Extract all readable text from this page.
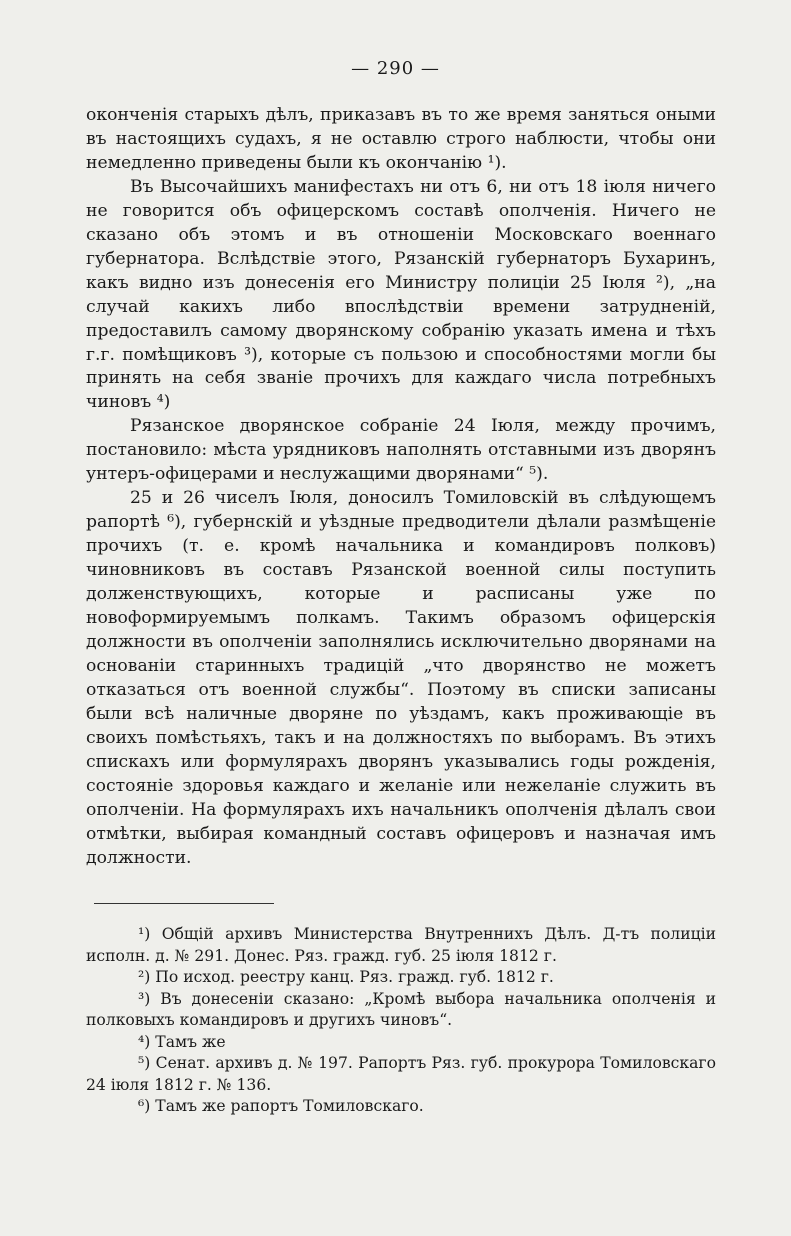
— 290 —

оконченія старыхъ дѣлъ, приказавъ въ то же время заняться оными въ настоящихъ судахъ, я не оставлю строго наблюсти, чтобы они немедленно приведены были къ окончанію ¹).

Въ Высочайшихъ манифестахъ ни отъ 6, ни отъ 18 іюля ничего не говорится объ офицерскомъ составѣ ополченія. Ничего не сказано объ этомъ и въ отношеніи Московскаго военнаго губернатора. Вслѣдствіе этого, Рязанскій губернаторъ Бухаринъ, какъ видно изъ донесенія его Министру полиціи 25 Іюля ²), „на случай какихъ либо впослѣдствіи времени затрудненій, предоставилъ самому дворянскому собранію указать имена и тѣхъ г.г. помѣщиковъ ³), которые съ пользою и способностями могли бы принять на себя званіе прочихъ для каждаго числа потребныхъ чиновъ ⁴)

Рязанское дворянское собраніе 24 Іюля, между прочимъ, постановило: мѣста урядниковъ наполнять отставными изъ дворянъ унтеръ-офицерами и неслужащими дворянами“ ⁵).

25 и 26 чиселъ Іюля, доносилъ Томиловскій въ слѣдующемъ рапортѣ ⁶), губернскій и уѣздные предводители дѣлали размѣщеніе прочихъ (т. е. кромѣ начальника и командировъ полковъ) чиновниковъ въ составъ Рязанской военной силы поступить долженствующихъ, которые и расписаны уже по новоформируемымъ полкамъ. Такимъ образомъ офицерскія должности въ ополченіи заполнялись исключительно дворянами на основаніи старинныхъ традицій „что дворянство не можетъ отказаться отъ военной службы“. Поэтому въ списки записаны были всѣ наличные дворяне по уѣздамъ, какъ проживающіе въ своихъ помѣстьяхъ, такъ и на должностяхъ по выборамъ. Въ этихъ спискахъ или формулярахъ дворянъ указывались годы рожденія, состояніе здоровья каждаго и желаніе или нежеланіе служить въ ополченіи. На формулярахъ ихъ начальникъ ополченія дѣлалъ свои отмѣтки, выбирая командный составъ офицеровъ и назначая имъ должности.

¹) Общій архивъ Министерства Внутреннихъ Дѣлъ. Д-тъ полиціи исполн. д. № 291. Донес. Ряз. гражд. губ. 25 іюля 1812 г.

²) По исход. реестру канц. Ряз. гражд. губ. 1812 г.

³) Въ донесеніи сказано: „Кромѣ выбора начальника ополченія и полковыхъ командировъ и другихъ чиновъ“.

⁴) Тамъ же

⁵) Сенат. архивъ д. № 197. Рапортъ Ряз. губ. прокурора Томиловскаго 24 іюля 1812 г. № 136.

⁶) Тамъ же рапортъ Томиловскаго.
